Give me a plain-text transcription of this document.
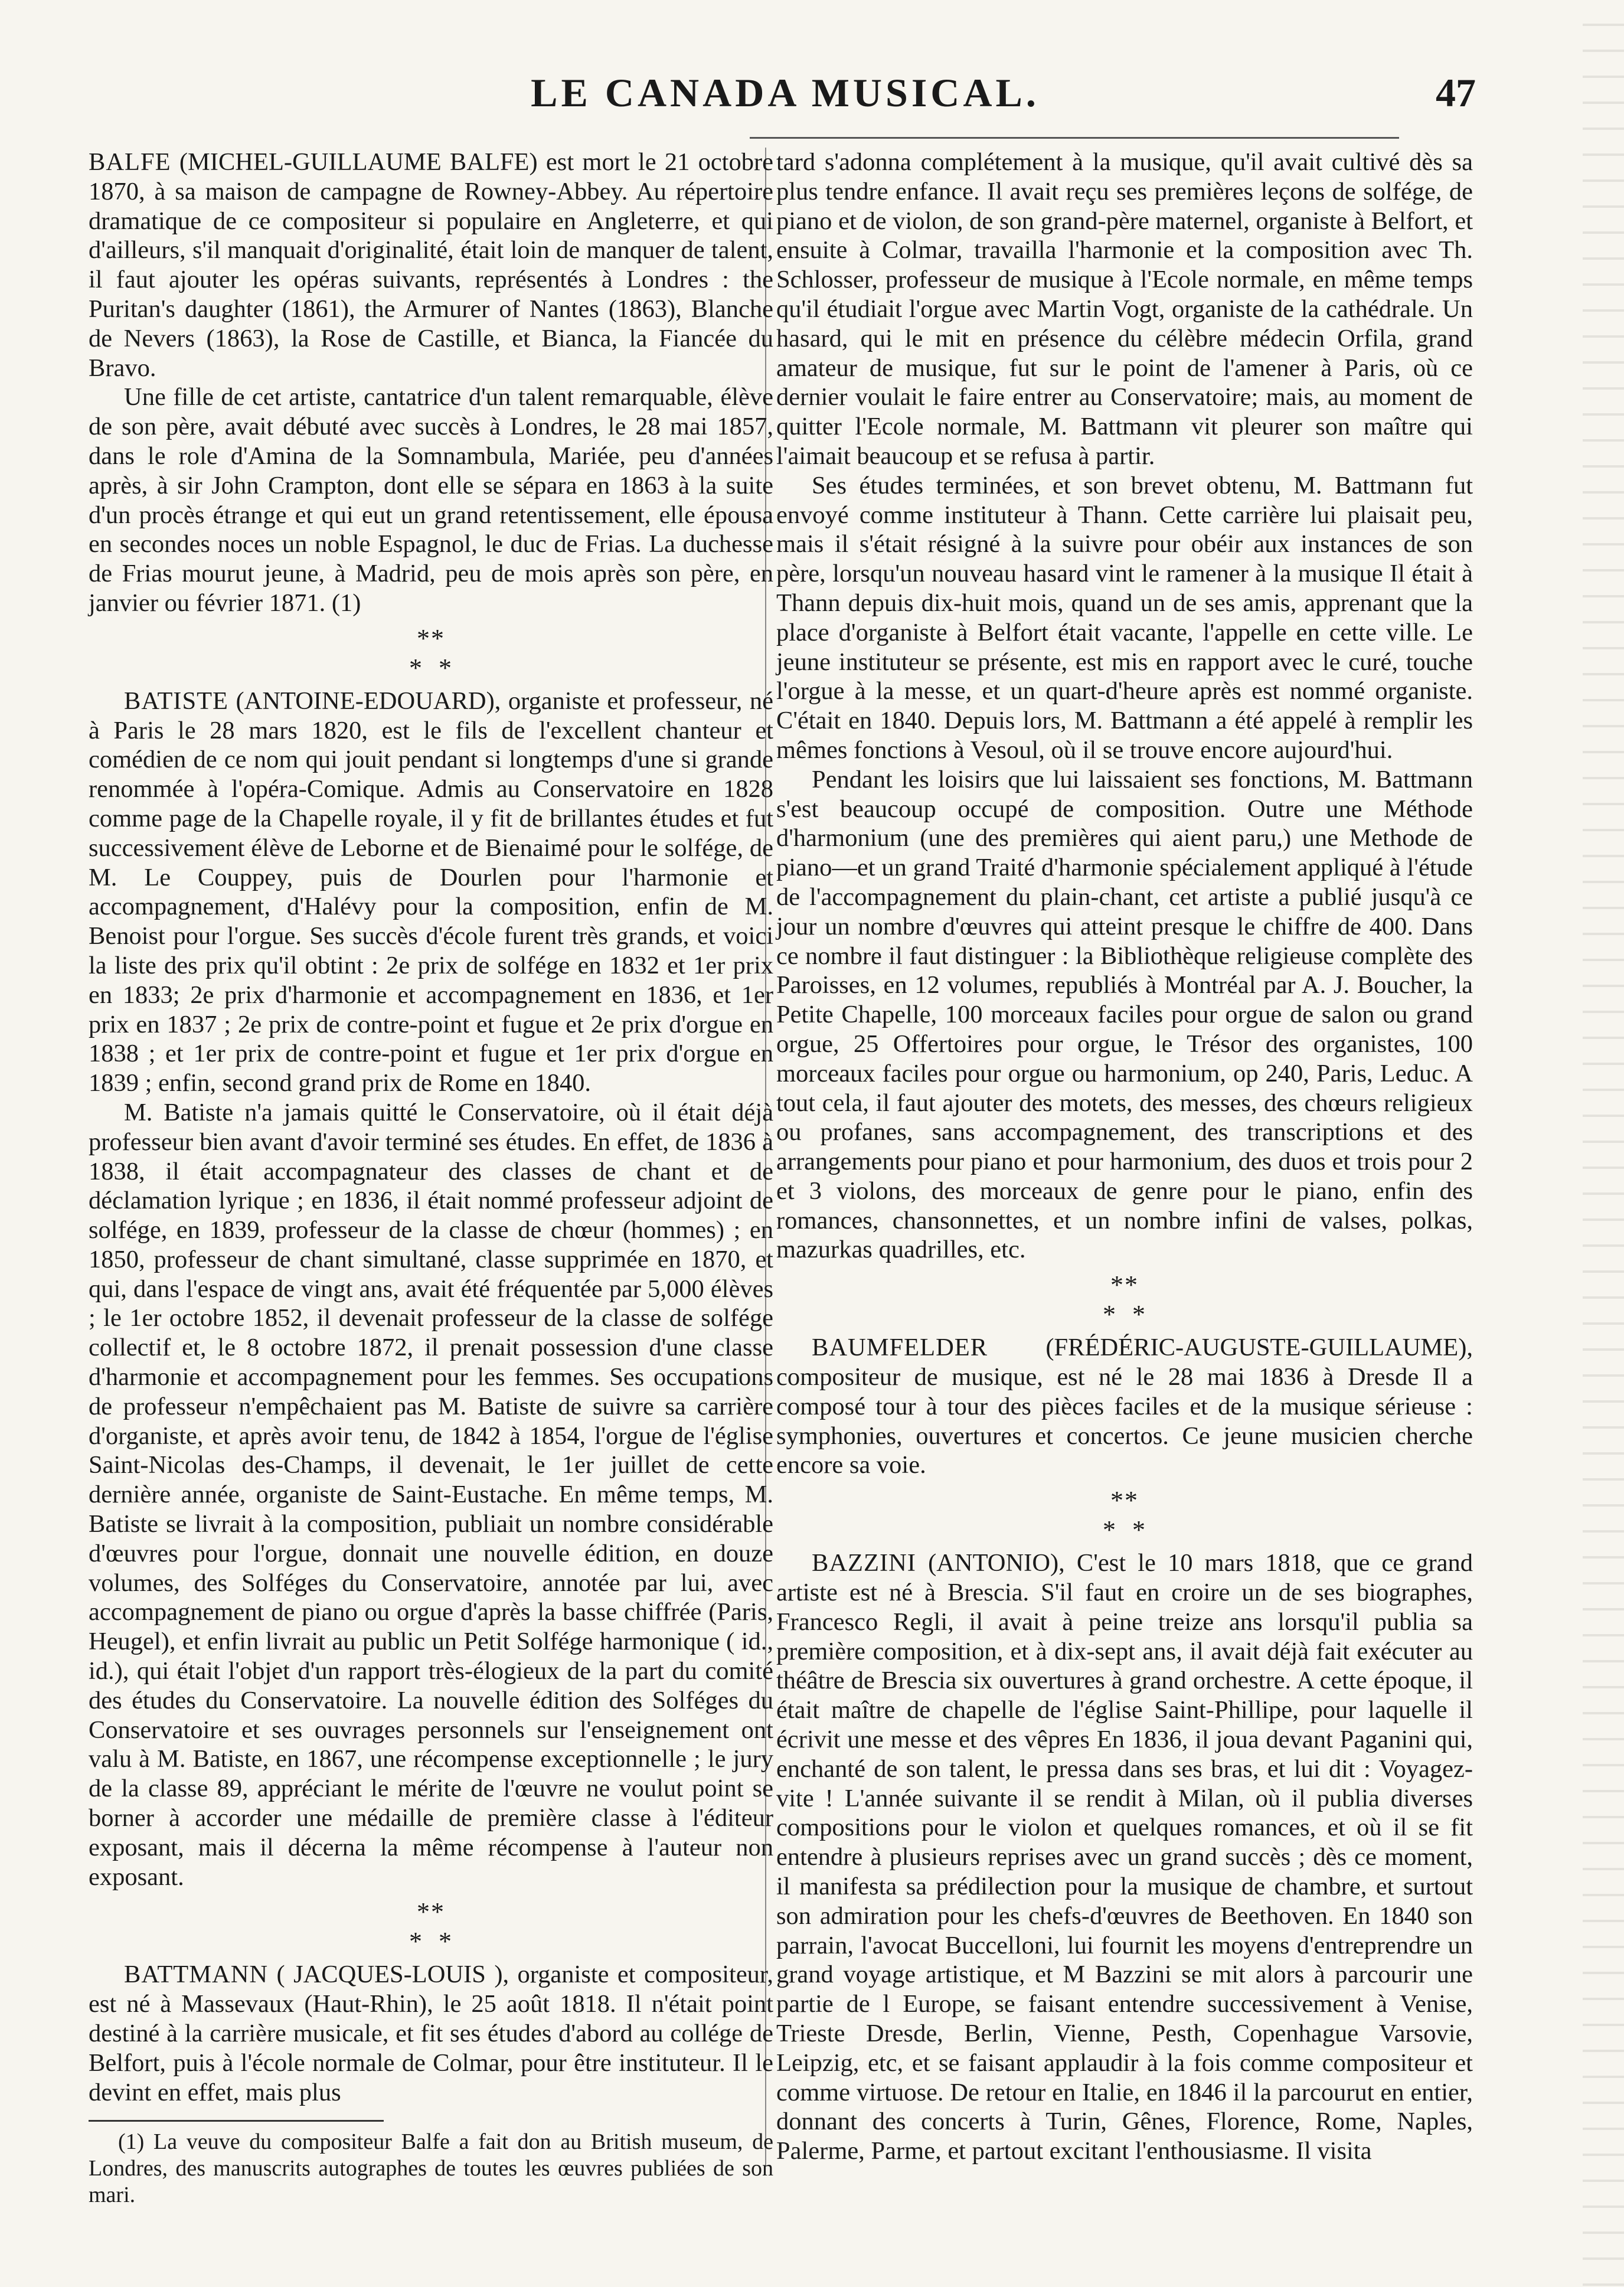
LE CANADA MUSICAL.	47

BALFE (MICHEL-GUILLAUME BALFE) est mort le 21 octobre 1870, à sa maison de campagne de Rowney-Abbey. Au répertoire dramatique de ce compositeur si populaire en Angleterre, et qui d'ailleurs, s'il manquait d'originalité, était loin de manquer de talent, il faut ajouter les opéras suivants, représentés à Londres : the Puritan's daughter (1861), the Armurer of Nantes (1863), Blanche de Nevers (1863), la Rose de Castille, et Bianca, la Fiancée du Bravo.

Une fille de cet artiste, cantatrice d'un talent remarquable, élève de son père, avait débuté avec succès à Londres, le 28 mai 1857, dans le role d'Amina de la Somnambula, Mariée, peu d'années après, à sir John Crampton, dont elle se sépara en 1863 à la suite d'un procès étrange et qui eut un grand retentissement, elle épousa en secondes noces un noble Espagnol, le duc de Frias. La duchesse de Frias mourut jeune, à Madrid, peu de mois après son père, en janvier ou février 1871. (1)

**
*  *

BATISTE (ANTOINE-EDOUARD), organiste et professeur, né à Paris le 28 mars 1820, est le fils de l'excellent chanteur et comédien de ce nom qui jouit pendant si longtemps d'une si grande renommée à l'opéra-Comique. Admis au Conservatoire en 1828 comme page de la Chapelle royale, il y fit de brillantes études et fut successivement élève de Leborne et de Bienaimé pour le solfége, de M. Le Couppey, puis de Dourlen pour l'harmonie et accompagnement, d'Halévy pour la composition, enfin de M. Benoist pour l'orgue. Ses succès d'école furent très grands, et voici la liste des prix qu'il obtint : 2e prix de solfége en 1832 et 1er prix en 1833; 2e prix d'harmonie et accompagnement en 1836, et 1er prix en 1837 ; 2e prix de contre-point et fugue et 2e prix d'orgue en 1838 ; et 1er prix de contre-point et fugue et 1er prix d'orgue en 1839 ; enfin, second grand prix de Rome en 1840.

M. Batiste n'a jamais quitté le Conservatoire, où il était déjà professeur bien avant d'avoir terminé ses études. En effet, de 1836 à 1838, il était accompagnateur des classes de chant et de déclamation lyrique ; en 1836, il était nommé professeur adjoint de solfége, en 1839, professeur de la classe de chœur (hommes) ; en 1850, professeur de chant simultané, classe supprimée en 1870, et qui, dans l'espace de vingt ans, avait été fréquentée par 5,000 élèves ; le 1er octobre 1852, il devenait professeur de la classe de solfége collectif et, le 8 octobre 1872, il prenait possession d'une classe d'harmonie et accompagnement pour les femmes. Ses occupations de professeur n'empêchaient pas M. Batiste de suivre sa carrière d'organiste, et après avoir tenu, de 1842 à 1854, l'orgue de l'église Saint-Nicolas des-Champs, il devenait, le 1er juillet de cette dernière année, organiste de Saint-Eustache. En même temps, M. Batiste se livrait à la composition, publiait un nombre considérable d'œuvres pour l'orgue, donnait une nouvelle édition, en douze volumes, des Solféges du Conservatoire, annotée par lui, avec accompagnement de piano ou orgue d'après la basse chiffrée (Paris, Heugel), et enfin livrait au public un Petit Solfége harmonique ( id., id.), qui était l'objet d'un rapport très-élogieux de la part du comité des études du Conservatoire. La nouvelle édition des Solféges du Conservatoire et ses ouvrages personnels sur l'enseignement ont valu à M. Batiste, en 1867, une récompense exceptionnelle ; le jury de la classe 89, appréciant le mérite de l'œuvre ne voulut point se borner à accorder une médaille de première classe à l'éditeur exposant, mais il décerna la même récompense à l'auteur non exposant.

**
*  *

BATTMANN ( JACQUES-LOUIS ), organiste et compositeur, est né à Massevaux (Haut-Rhin), le 25 août 1818. Il n'était point destiné à la carrière musicale, et fit ses études d'abord au collége de Belfort, puis à l'école normale de Colmar, pour être instituteur. Il le devint en effet, mais plus

(1) La veuve du compositeur Balfe a fait don au British museum, de Londres, des manuscrits autographes de toutes les œuvres publiées de son mari.

tard s'adonna complétement à la musique, qu'il avait cultivé dès sa plus tendre enfance. Il avait reçu ses premières leçons de solfége, de piano et de violon, de son grand-père maternel, organiste à Belfort, et ensuite à Colmar, travailla l'harmonie et la composition avec Th. Schlosser, professeur de musique à l'Ecole normale, en même temps qu'il étudiait l'orgue avec Martin Vogt, organiste de la cathédrale. Un hasard, qui le mit en présence du célèbre médecin Orfila, grand amateur de musique, fut sur le point de l'amener à Paris, où ce dernier voulait le faire entrer au Conservatoire; mais, au moment de quitter l'Ecole normale, M. Battmann vit pleurer son maître qui l'aimait beaucoup et se refusa à partir.

Ses études terminées, et son brevet obtenu, M. Battmann fut envoyé comme instituteur à Thann. Cette carrière lui plaisait peu, mais il s'était résigné à la suivre pour obéir aux instances de son père, lorsqu'un nouveau hasard vint le ramener à la musique Il était à Thann depuis dix-huit mois, quand un de ses amis, apprenant que la place d'organiste à Belfort était vacante, l'appelle en cette ville. Le jeune instituteur se présente, est mis en rapport avec le curé, touche l'orgue à la messe, et un quart-d'heure après est nommé organiste. C'était en 1840. Depuis lors, M. Battmann a été appelé à remplir les mêmes fonctions à Vesoul, où il se trouve encore aujourd'hui.

Pendant les loisirs que lui laissaient ses fonctions, M. Battmann s'est beaucoup occupé de composition. Outre une Méthode d'harmonium (une des premières qui aient paru,) une Methode de piano—et un grand Traité d'harmonie spécialement appliqué à l'étude de l'accompagnement du plain-chant, cet artiste a publié jusqu'à ce jour un nombre d'œuvres qui atteint presque le chiffre de 400. Dans ce nombre il faut distinguer : la Bibliothèque religieuse complète des Paroisses, en 12 volumes, republiés à Montréal par A. J. Boucher, la Petite Chapelle, 100 morceaux faciles pour orgue de salon ou grand orgue, 25 Offertoires pour orgue, le Trésor des organistes, 100 morceaux faciles pour orgue ou harmonium, op 240, Paris, Leduc. A tout cela, il faut ajouter des motets, des messes, des chœurs religieux ou profanes, sans accompagnement, des transcriptions et des arrangements pour piano et pour harmonium, des duos et trois pour 2 et 3 violons, des morceaux de genre pour le piano, enfin des romances, chansonnettes, et un nombre infini de valses, polkas, mazurkas quadrilles, etc.

**
*  *

BAUMFELDER (FRÉDÉRIC-AUGUSTE-GUILLAUME), compositeur de musique, est né le 28 mai 1836 à Dresde Il a composé tour à tour des pièces faciles et de la musique sérieuse : symphonies, ouvertures et concertos. Ce jeune musicien cherche encore sa voie.

**
*  *

BAZZINI (ANTONIO), C'est le 10 mars 1818, que ce grand artiste est né à Brescia. S'il faut en croire un de ses biographes, Francesco Regli, il avait à peine treize ans lorsqu'il publia sa première composition, et à dix-sept ans, il avait déjà fait exécuter au théâtre de Brescia six ouvertures à grand orchestre. A cette époque, il était maître de chapelle de l'église Saint-Phillipe, pour laquelle il écrivit une messe et des vêpres En 1836, il joua devant Paganini qui, enchanté de son talent, le pressa dans ses bras, et lui dit : Voyagez-vite ! L'année suivante il se rendit à Milan, où il publia diverses compositions pour le violon et quelques romances, et où il se fit entendre à plusieurs reprises avec un grand succès ; dès ce moment, il manifesta sa prédilection pour la musique de chambre, et surtout son admiration pour les chefs-d'œuvres de Beethoven. En 1840 son parrain, l'avocat Buccelloni, lui fournit les moyens d'entreprendre un grand voyage artistique, et M Bazzini se mit alors à parcourir une partie de l Europe, se faisant entendre successivement à Venise, Trieste Dresde, Berlin, Vienne, Pesth, Copenhague Varsovie, Leipzig, etc, et se faisant applaudir à la fois comme compositeur et comme virtuose. De retour en Italie, en 1846 il la parcourut en entier, donnant des concerts à Turin, Gênes, Florence, Rome, Naples, Palerme, Parme, et partout excitant l'enthousiasme. Il visita
